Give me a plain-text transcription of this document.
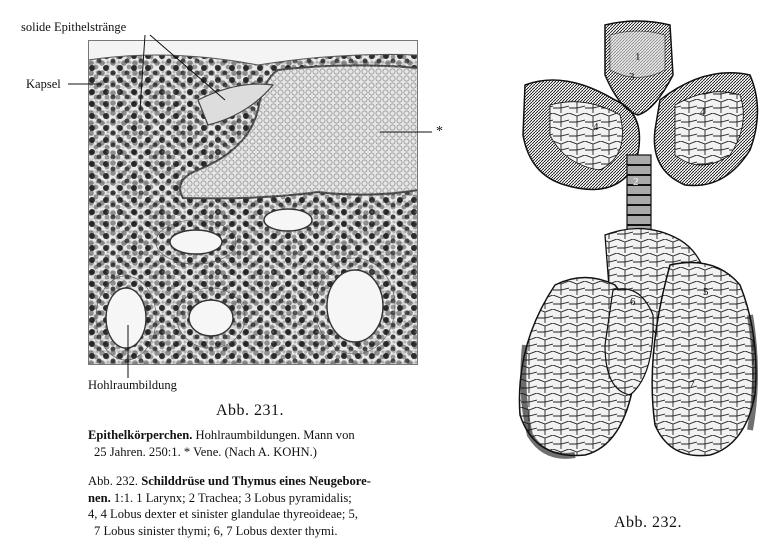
solide Epithelstränge
Kapsel
*
Hohlraumbildung
Abb. 231.
Epithelkörperchen. Hohlraumbildungen. Mann von
25 Jahren. 250:1. * Vene. (Nach A. KOHN.)
Abb. 232. Schilddrüse und Thymus eines Neugebore-
nen. 1:1. 1 Larynx; 2 Trachea; 3 Lobus pyramidalis;
4, 4 Lobus dexter et sinister glandulae thyreoideae; 5,
7 Lobus sinister thymi; 6, 7 Lobus dexter thymi.
1
2
3
4
4
5
6
7
Abb. 232.
